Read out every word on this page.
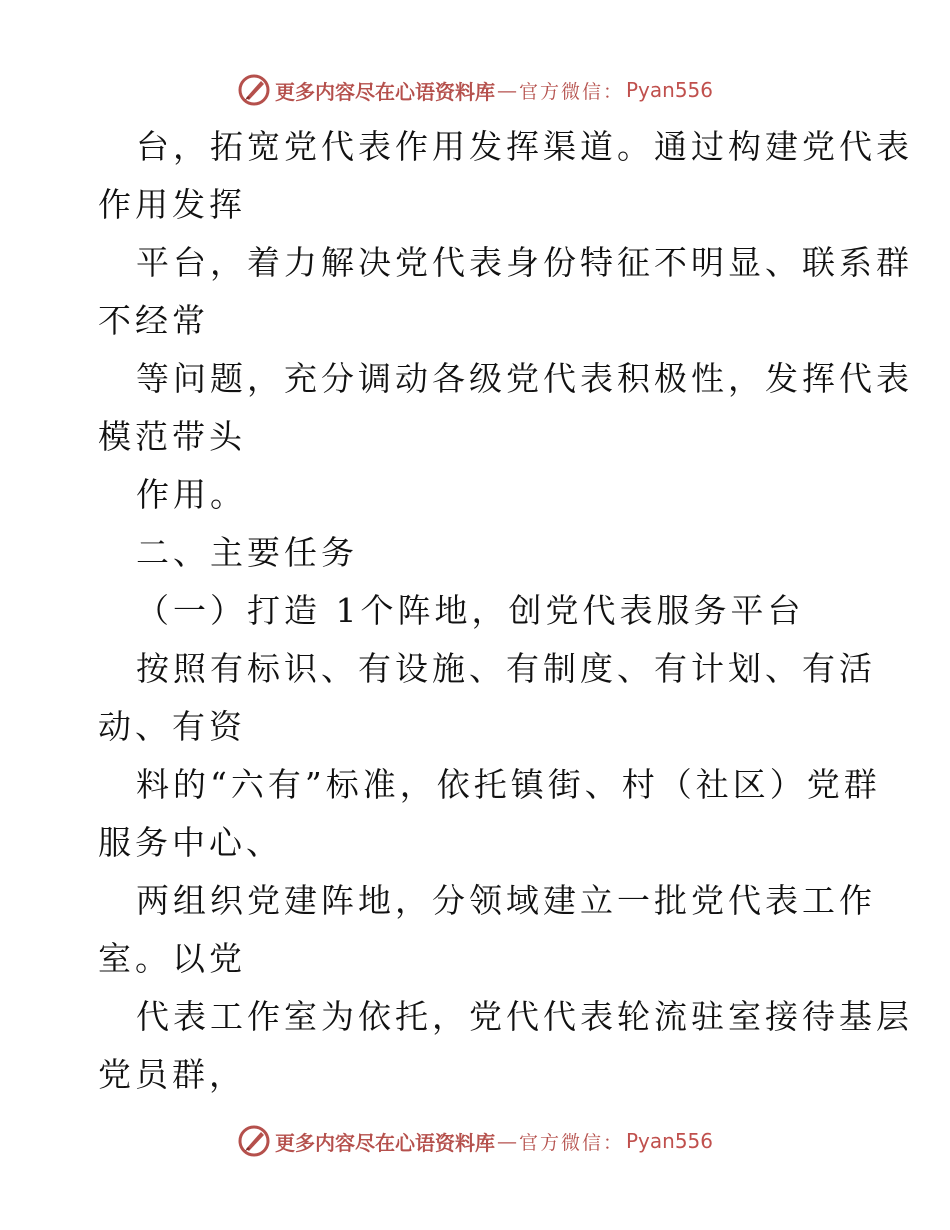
更多内容尽在心语资料库 — 官方微信： Pyan556
台，拓宽党代表作用发挥渠道。通过构建党代表
作用发挥
平台，着力解决党代表身份特征不明显、联系群
不经常
等问题，充分调动各级党代表积极性，发挥代表
模范带头
作用。
二、主要任务
（一）打造 1个阵地，创党代表服务平台
按照有标识、有设施、有制度、有计划、有活
动、有资
料的“六有”标准，依托镇街、村（社区）党群
服务中心、
两组织党建阵地，分领域建立一批党代表工作
室。以党
代表工作室为依托，党代代表轮流驻室接待基层
党员群，
更多内容尽在心语资料库 — 官方微信： Pyan556
